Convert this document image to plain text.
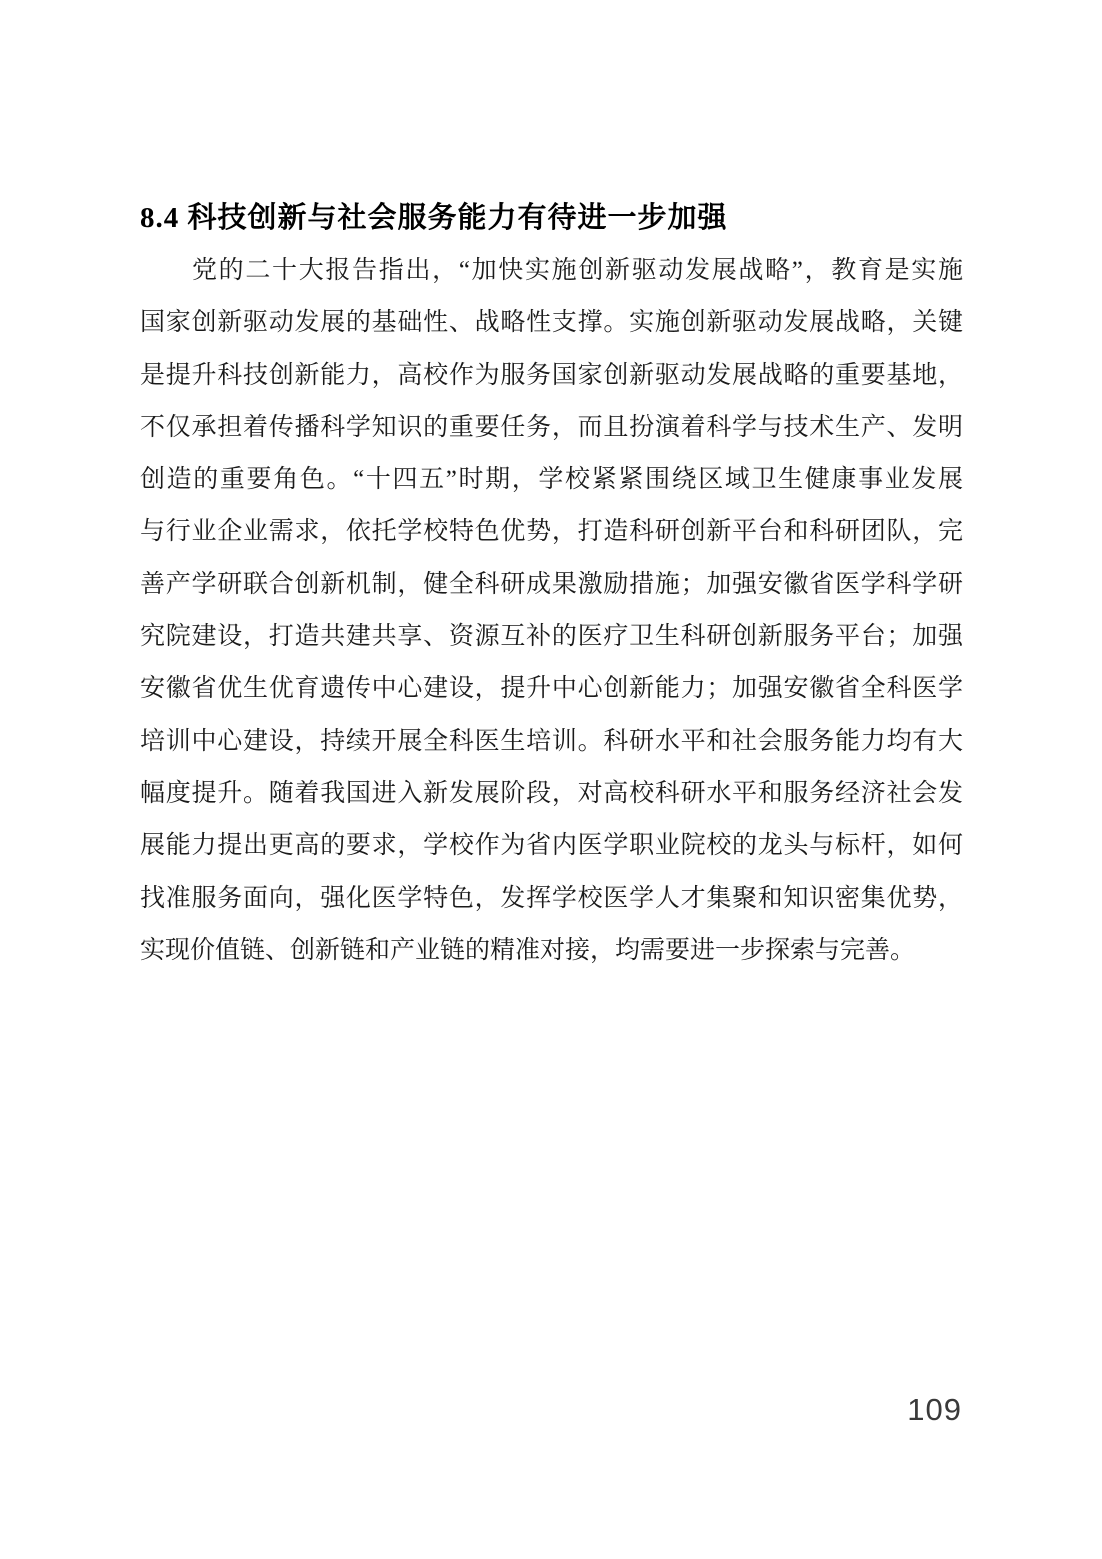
8.4 科技创新与社会服务能力有待进一步加强
党的二十大报告指出，“加快实施创新驱动发展战略”，教育是实施
国家创新驱动发展的基础性、战略性支撑。实施创新驱动发展战略，关键
是提升科技创新能力，高校作为服务国家创新驱动发展战略的重要基地，
不仅承担着传播科学知识的重要任务，而且扮演着科学与技术生产、发明
创造的重要角色。“十四五”时期，学校紧紧围绕区域卫生健康事业发展
与行业企业需求，依托学校特色优势，打造科研创新平台和科研团队，完
善产学研联合创新机制，健全科研成果激励措施；加强安徽省医学科学研
究院建设，打造共建共享、资源互补的医疗卫生科研创新服务平台；加强
安徽省优生优育遗传中心建设，提升中心创新能力；加强安徽省全科医学
培训中心建设，持续开展全科医生培训。科研水平和社会服务能力均有大
幅度提升。随着我国进入新发展阶段，对高校科研水平和服务经济社会发
展能力提出更高的要求，学校作为省内医学职业院校的龙头与标杆，如何
找准服务面向，强化医学特色，发挥学校医学人才集聚和知识密集优势，
实现价值链、创新链和产业链的精准对接，均需要进一步探索与完善。
109
